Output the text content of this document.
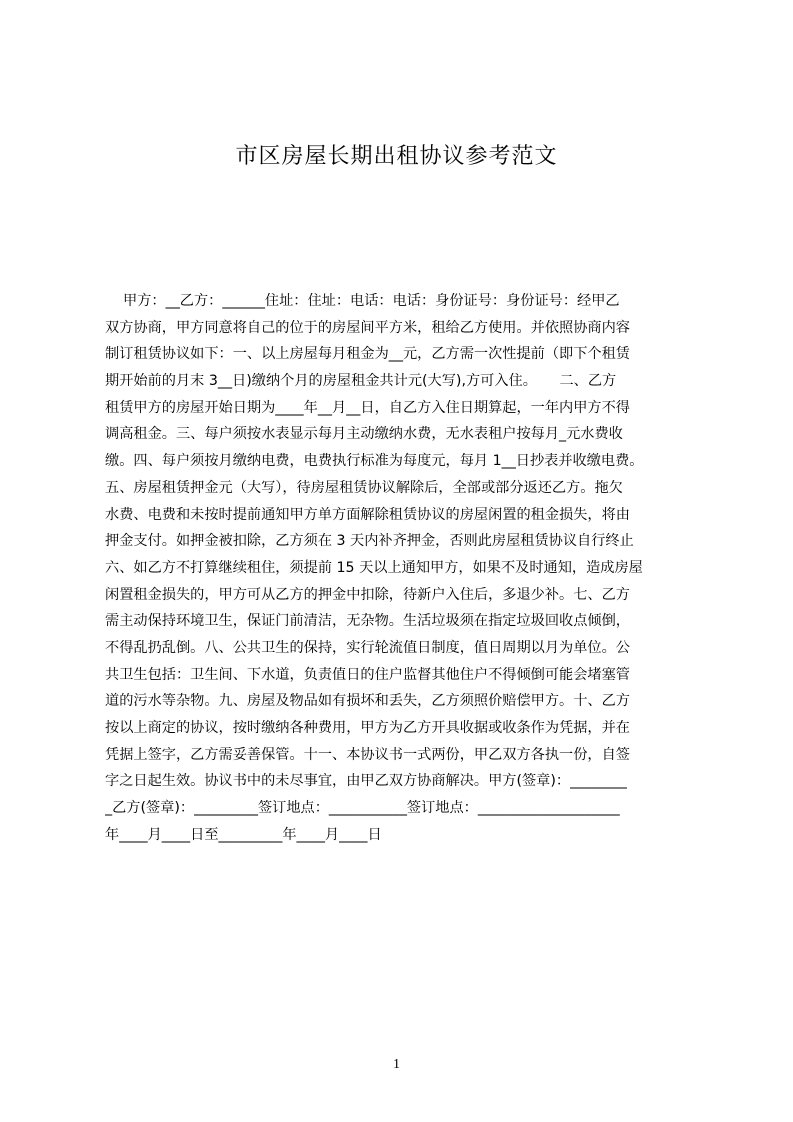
市区房屋长期出租协议参考范文
甲方：__乙方：______住址：住址：电话：电话：身份证号：身份证号：经甲乙
双方协商，甲方同意将自己的位于的房屋间平方米，租给乙方使用。并依照协商内容
制订租赁协议如下：一、以上房屋每月租金为__元，乙方需一次性提前（即下个租赁
期开始前的月末 3__日)缴纳个月的房屋租金共计元(大写),方可入住。     二、乙方
租赁甲方的房屋开始日期为____年__月__日，自乙方入住日期算起，一年内甲方不得
调高租金。三、每户须按水表显示每月主动缴纳水费，无水表租户按每月_元水费收
缴。四、每户须按月缴纳电费，电费执行标准为每度元，每月 1__日抄表并收缴电费。
五、房屋租赁押金元（大写），待房屋租赁协议解除后，全部或部分返还乙方。拖欠
水费、电费和未按时提前通知甲方单方面解除租赁协议的房屋闲置的租金损失，将由
押金支付。如押金被扣除，乙方须在 3 天内补齐押金，否则此房屋租赁协议自行终止
六、如乙方不打算继续租住，须提前 15 天以上通知甲方，如果不及时通知，造成房屋
闲置租金损失的，甲方可从乙方的押金中扣除，待新户入住后，多退少补。七、乙方
需主动保持环境卫生，保证门前清洁，无杂物。生活垃圾须在指定垃圾回收点倾倒，
不得乱扔乱倒。八、公共卫生的保持，实行轮流值日制度，值日周期以月为单位。公
共卫生包括：卫生间、下水道，负责值日的住户监督其他住户不得倾倒可能会堵塞管
道的污水等杂物。九、房屋及物品如有损坏和丢失，乙方须照价赔偿甲方。十、乙方
按以上商定的协议，按时缴纳各种费用，甲方为乙方开具收据或收条作为凭据，并在
凭据上签字，乙方需妥善保管。十一、本协议书一式两份，甲乙双方各执一份，自签
字之日起生效。协议书中的未尽事宜，由甲乙双方协商解决。甲方(签章)：________
_乙方(签章)：_________签订地点：___________签订地点：____________________
年____月____日至_________年____月____日
1
